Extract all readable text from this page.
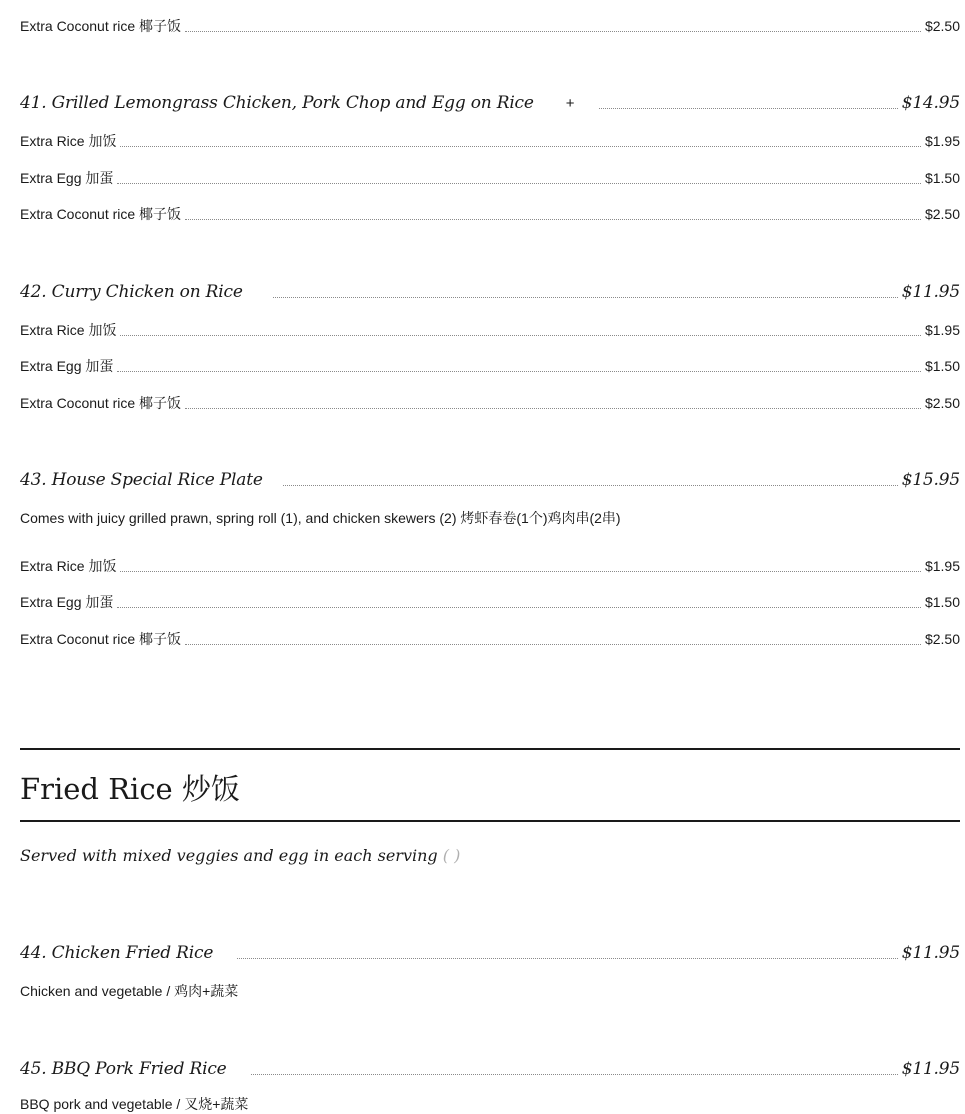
Extra Coconut rice 椰子饭	$2.50
41. Grilled Lemongrass Chicken, Pork Chop and Egg on Rice +	$14.95
Extra Rice 加饭	$1.95
Extra Egg 加蛋	$1.50
Extra Coconut rice 椰子饭	$2.50
42. Curry Chicken on Rice	$11.95
Extra Rice 加饭	$1.95
Extra Egg 加蛋	$1.50
Extra Coconut rice 椰子饭	$2.50
43. House Special Rice Plate	$15.95
Comes with juicy grilled prawn, spring roll (1), and chicken skewers (2) 烤虾春卷(1个)鸡肉串(2串)
Extra Rice 加饭	$1.95
Extra Egg 加蛋	$1.50
Extra Coconut rice 椰子饭	$2.50
Fried Rice 炒饭
Served with mixed veggies and egg in each serving ( )
44. Chicken Fried Rice	$11.95
Chicken and vegetable / 鸡肉+蔬菜
45. BBQ Pork Fried Rice	$11.95
BBQ pork and vegetable / 叉烧+蔬菜
